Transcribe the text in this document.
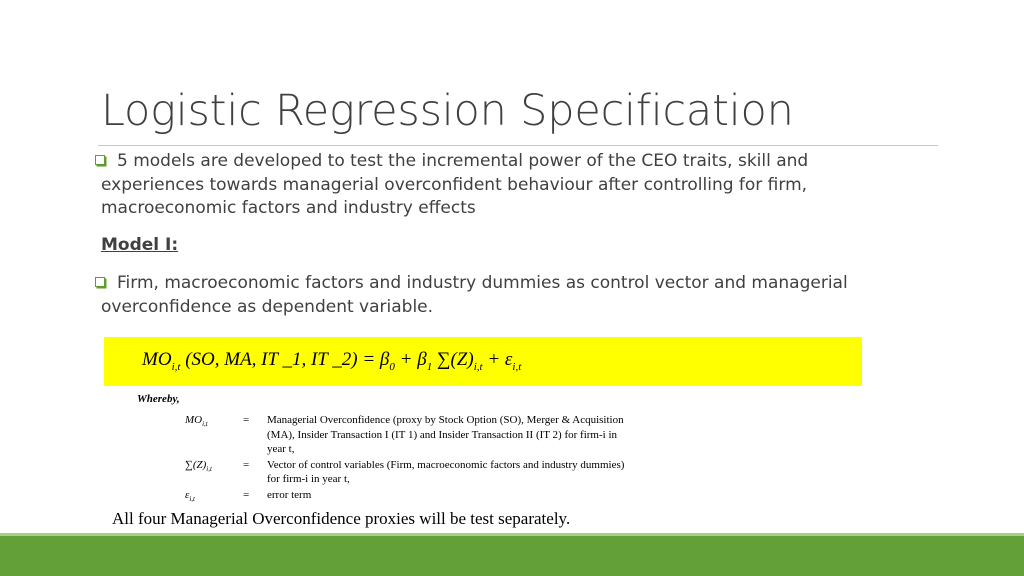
Logistic Regression Specification
5 models are developed to test the incremental power of the CEO traits, skill and experiences towards managerial overconfident behaviour after controlling for firm, macroeconomic factors and industry effects
Model I:
Firm, macroeconomic factors and industry dummies as control vector and managerial overconfidence as dependent variable.
$MO_{i,t}$ (SO, MA, IT _1, IT _2) = $\beta_0 + \beta_1$ $\sum(Z)_{i,t} + \varepsilon_{i,t}$
Whereby,
$MO_{i,t}$	=	Managerial Overconfidence (proxy by Stock Option (SO), Merger & Acquisition (MA), Insider Transaction I (IT 1) and Insider Transaction II (IT 2) for firm-i in year t,
$\sum(Z)_{i,t}$	=	Vector of control variables (Firm, macroeconomic factors and industry dummies) for firm-i in year t,
$\varepsilon_{i,t}$	=	error term
All four Managerial Overconfidence proxies will be test separately.
